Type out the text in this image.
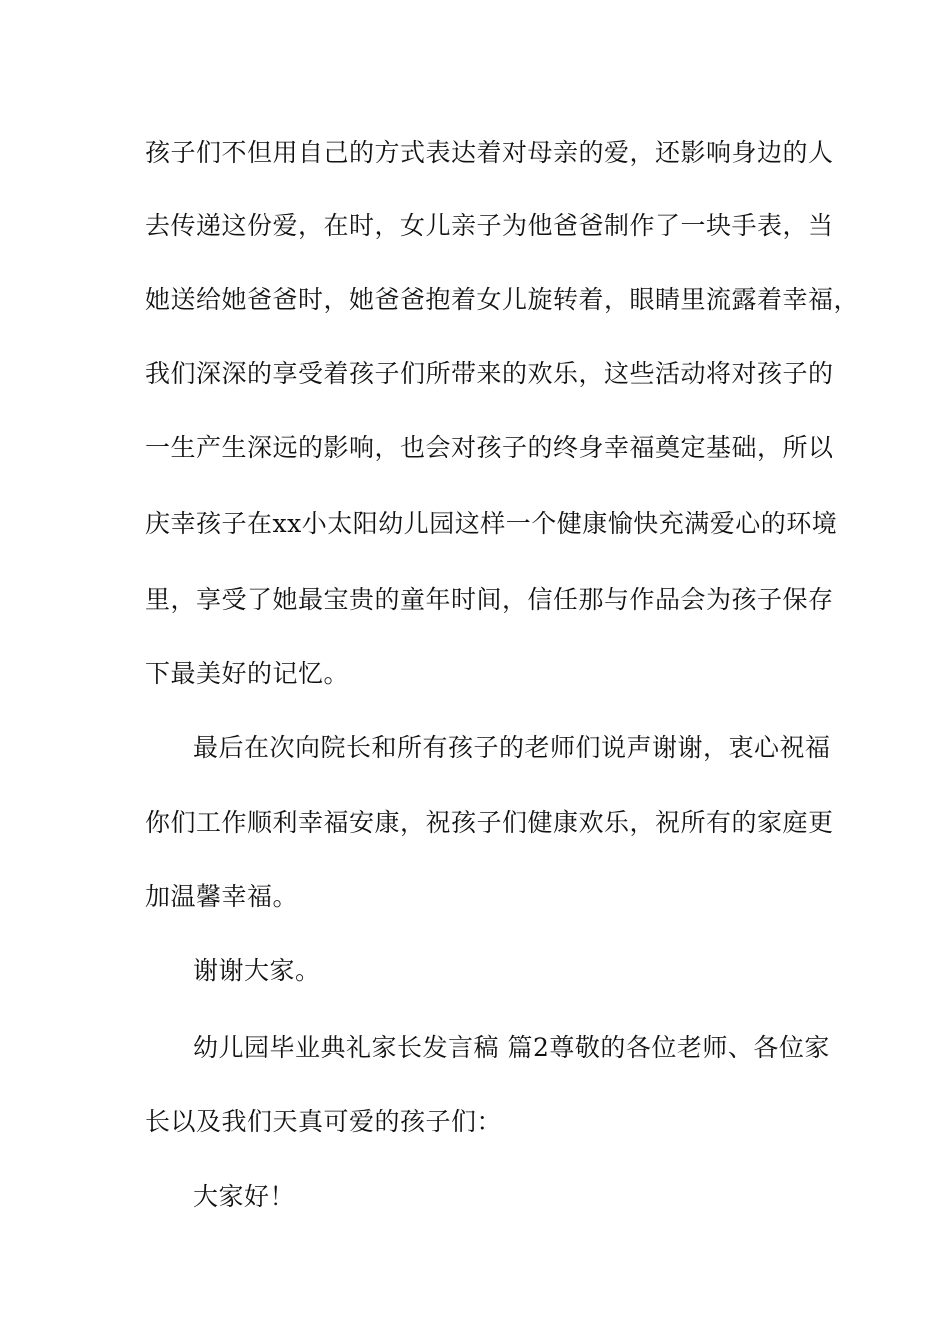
孩子们不但用自己的方式表达着对母亲的爱，还影响身边的人
去传递这份爱，在时，女儿亲子为他爸爸制作了一块手表，当
她送给她爸爸时，她爸爸抱着女儿旋转着，眼睛里流露着幸福，
我们深深的享受着孩子们所带来的欢乐，这些活动将对孩子的
一生产生深远的影响，也会对孩子的终身幸福奠定基础，所以
庆幸孩子在xx小太阳幼儿园这样一个健康愉快充满爱心的环境
里，享受了她最宝贵的童年时间，信任那与作品会为孩子保存
下最美好的记忆。
最后在次向院长和所有孩子的老师们说声谢谢，衷心祝福
你们工作顺利幸福安康，祝孩子们健康欢乐，祝所有的家庭更
加温馨幸福。
谢谢大家。
幼儿园毕业典礼家长发言稿 篇2尊敬的各位老师、各位家
长以及我们天真可爱的孩子们：
大家好！
